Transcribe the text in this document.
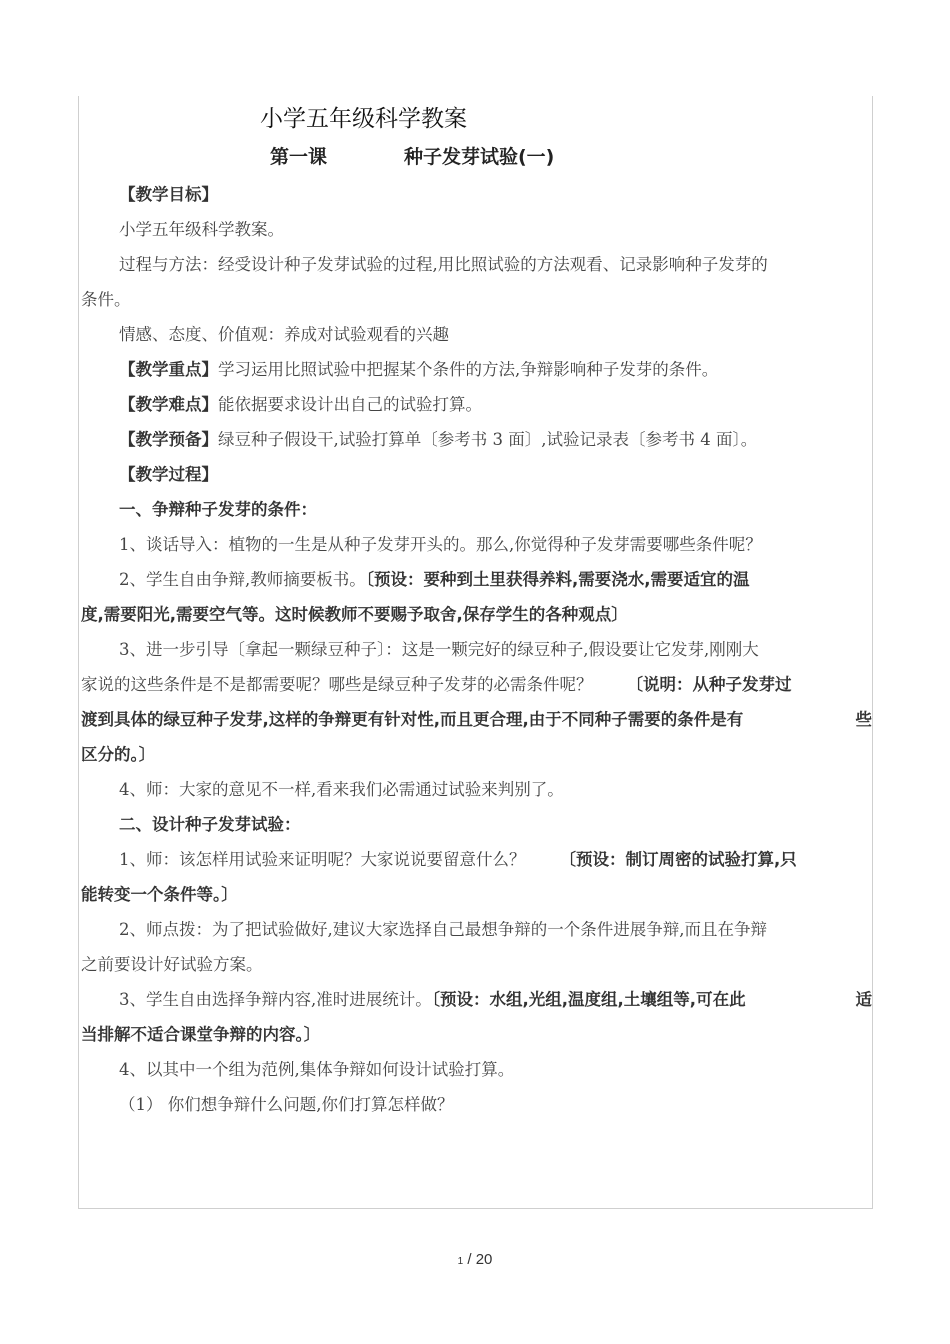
小学五年级科学教案
第一课	种子发芽试验(一)
【教学目标】
小学五年级科学教案。
过程与方法：经受设计种子发芽试验的过程,用比照试验的方法观看、记录影响种子发芽的
条件。
情感、态度、价值观：养成对试验观看的兴趣
【教学重点】学习运用比照试验中把握某个条件的方法,争辩影响种子发芽的条件。
【教学难点】能依据要求设计出自己的试验打算。
【教学预备】绿豆种子假设干,试验打算单〔参考书 3 面〕,试验记录表〔参考书 4 面〕。
【教学过程】
一、争辩种子发芽的条件：
1、谈话导入：植物的一生是从种子发芽开头的。那么,你觉得种子发芽需要哪些条件呢？
2、学生自由争辩,教师摘要板书。〔预设：要种到土里获得养料,需要浇水,需要适宜的温
度,需要阳光,需要空气等。这时候教师不要赐予取舍,保存学生的各种观点〕
3、进一步引导〔拿起一颗绿豆种子〕：这是一颗完好的绿豆种子,假设要让它发芽,刚刚大
家说的这些条件是不是都需要呢？哪些是绿豆种子发芽的必需条件呢？ 〔说明：从种子发芽过
渡到具体的绿豆种子发芽,这样的争辩更有针对性,而且更合理,由于不同种子需要的条件是有	些
区分的。〕
4、师：大家的意见不一样,看来我们必需通过试验来判别了。
二、设计种子发芽试验：
1、师：该怎样用试验来证明呢？大家说说要留意什么？ 〔预设：制订周密的试验打算,只
能转变一个条件等。〕
2、师点拨：为了把试验做好,建议大家选择自己最想争辩的一个条件进展争辩,而且在争辩
之前要设计好试验方案。
3、学生自由选择争辩内容,准时进展统计。〔预设：水组,光组,温度组,土壤组等,可在此	适
当排解不适合课堂争辩的内容。〕
4、以其中一个组为范例,集体争辩如何设计试验打算。
（1） 你们想争辩什么问题,你们打算怎样做？
1 / 20
